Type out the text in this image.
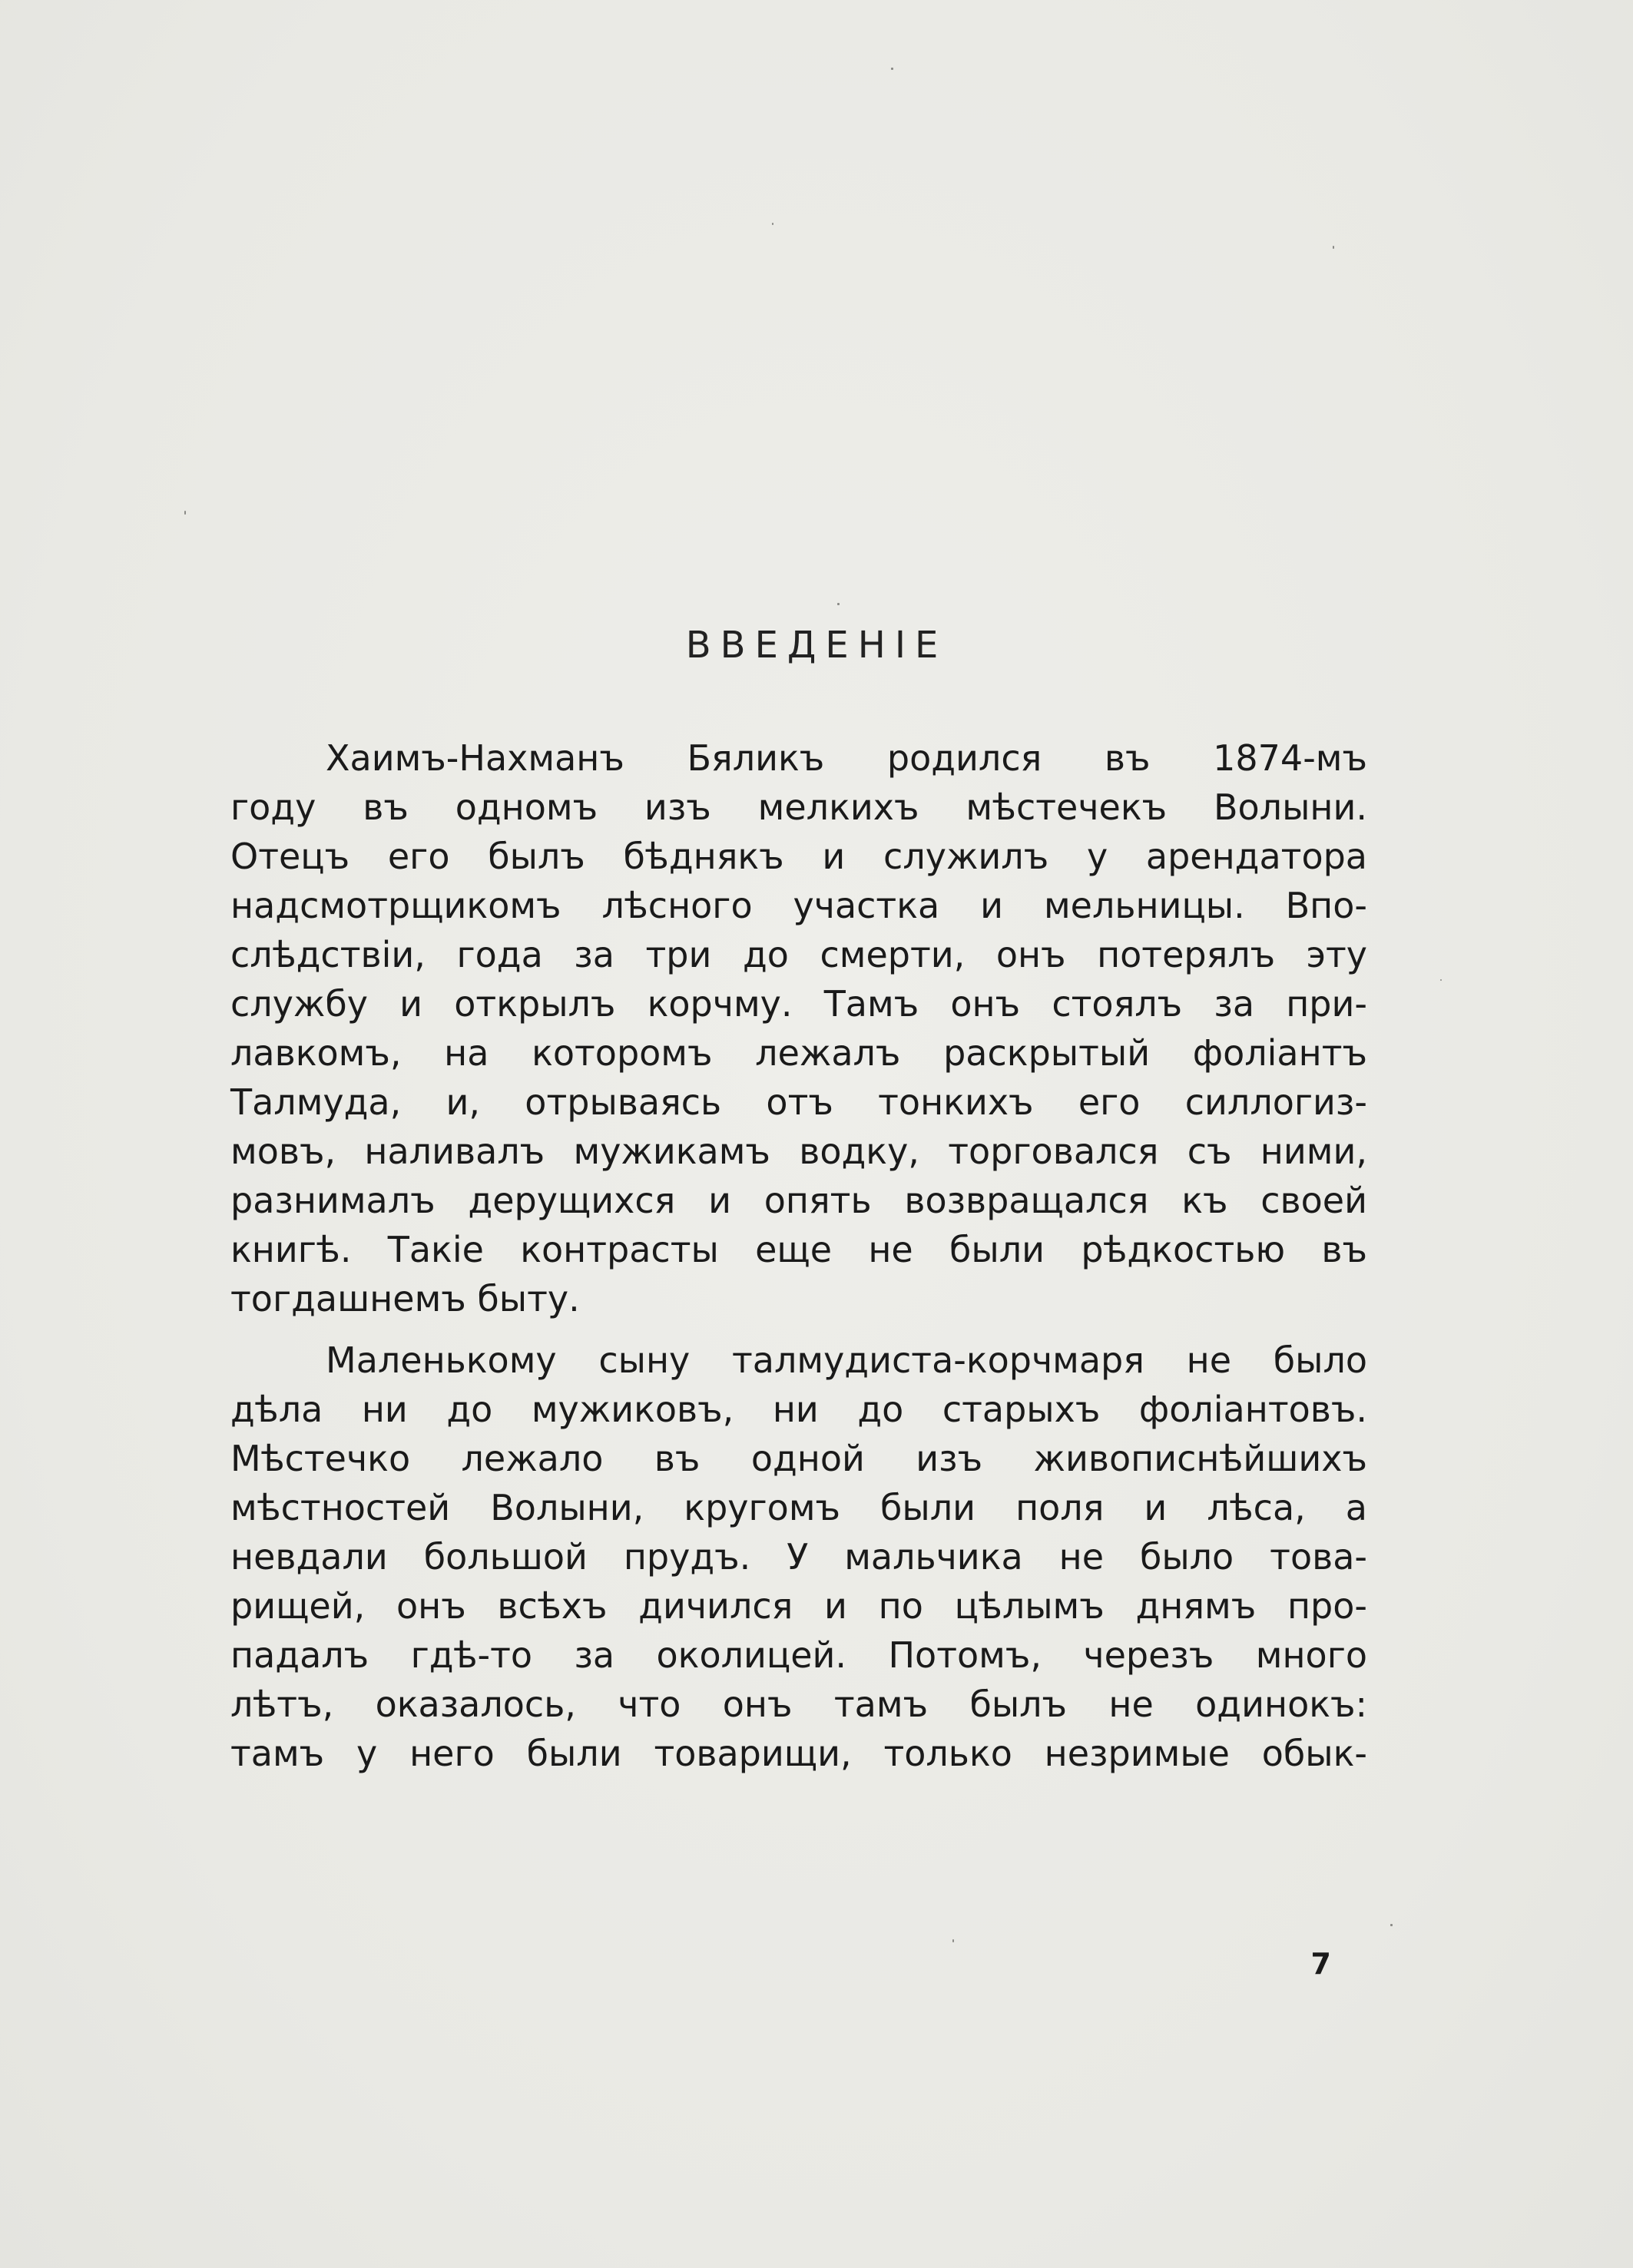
ВВЕДЕНIЕ
Хаимъ-Нахманъ Бяликъ родился въ 1874-мъ
году въ одномъ изъ мелкихъ мѣстечекъ Волыни.
Отецъ его былъ бѣднякъ и служилъ у арендатора
надсмотрщикомъ лѣсного участка и мельницы. Впо-
слѣдствiи, года за три до смерти, онъ потерялъ эту
службу и открылъ корчму. Тамъ онъ стоялъ за при-
лавкомъ, на которомъ лежалъ раскрытый фолiантъ
Талмуда, и, отрываясь отъ тонкихъ его силлогиз-
мовъ, наливалъ мужикамъ водку, торговался съ ними,
разнималъ дерущихся и опять возвращался къ своей
книгѣ. Такiе контрасты еще не были рѣдкостью въ
тогдашнемъ быту.
Маленькому сыну талмудиста-корчмаря не было
дѣла ни до мужиковъ, ни до старыхъ фолiантовъ.
Мѣстечко лежало въ одной изъ живописнѣйшихъ
мѣстностей Волыни, кругомъ были поля и лѣса, а
невдали большой прудъ. У мальчика не было това-
рищей, онъ всѣхъ дичился и по цѣлымъ днямъ про-
падалъ гдѣ-то за околицей. Потомъ, черезъ много
лѣтъ, оказалось, что онъ тамъ былъ не одинокъ:
тамъ у него были товарищи, только незримые обык-
7
